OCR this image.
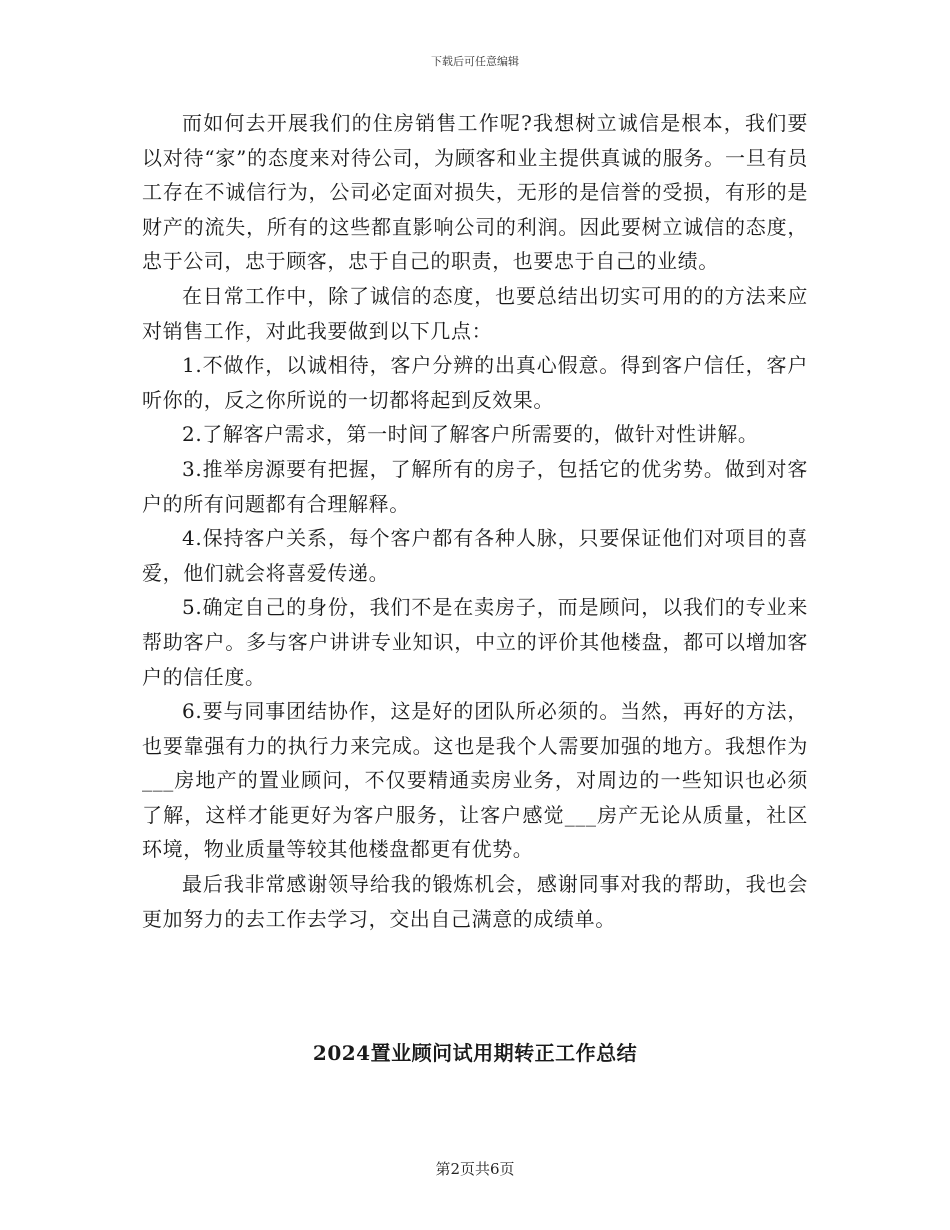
下载后可任意编辑

而如何去开展我们的住房销售工作呢?我想树立诚信是根本，我们要以对待“家”的态度来对待公司，为顾客和业主提供真诚的服务。一旦有员工存在不诚信行为，公司必定面对损失，无形的是信誉的受损，有形的是财产的流失，所有的这些都直影响公司的利润。因此要树立诚信的态度，忠于公司，忠于顾客，忠于自己的职责，也要忠于自己的业绩。

在日常工作中，除了诚信的态度，也要总结出切实可用的的方法来应对销售工作，对此我要做到以下几点：

1.不做作，以诚相待，客户分辨的出真心假意。得到客户信任，客户听你的，反之你所说的一切都将起到反效果。

2.了解客户需求，第一时间了解客户所需要的，做针对性讲解。

3.推举房源要有把握，了解所有的房子，包括它的优劣势。做到对客户的所有问题都有合理解释。

4.保持客户关系，每个客户都有各种人脉，只要保证他们对项目的喜爱，他们就会将喜爱传递。

5.确定自己的身份，我们不是在卖房子，而是顾问，以我们的专业来帮助客户。多与客户讲讲专业知识，中立的评价其他楼盘，都可以增加客户的信任度。

6.要与同事团结协作，这是好的团队所必须的。当然，再好的方法，也要靠强有力的执行力来完成。这也是我个人需要加强的地方。我想作为___房地产的置业顾问，不仅要精通卖房业务，对周边的一些知识也必须了解，这样才能更好为客户服务，让客户感觉___房产无论从质量，社区环境，物业质量等较其他楼盘都更有优势。

最后我非常感谢领导给我的锻炼机会，感谢同事对我的帮助，我也会更加努力的去工作去学习，交出自己满意的成绩单。

2024置业顾问试用期转正工作总结
第2页共6页
